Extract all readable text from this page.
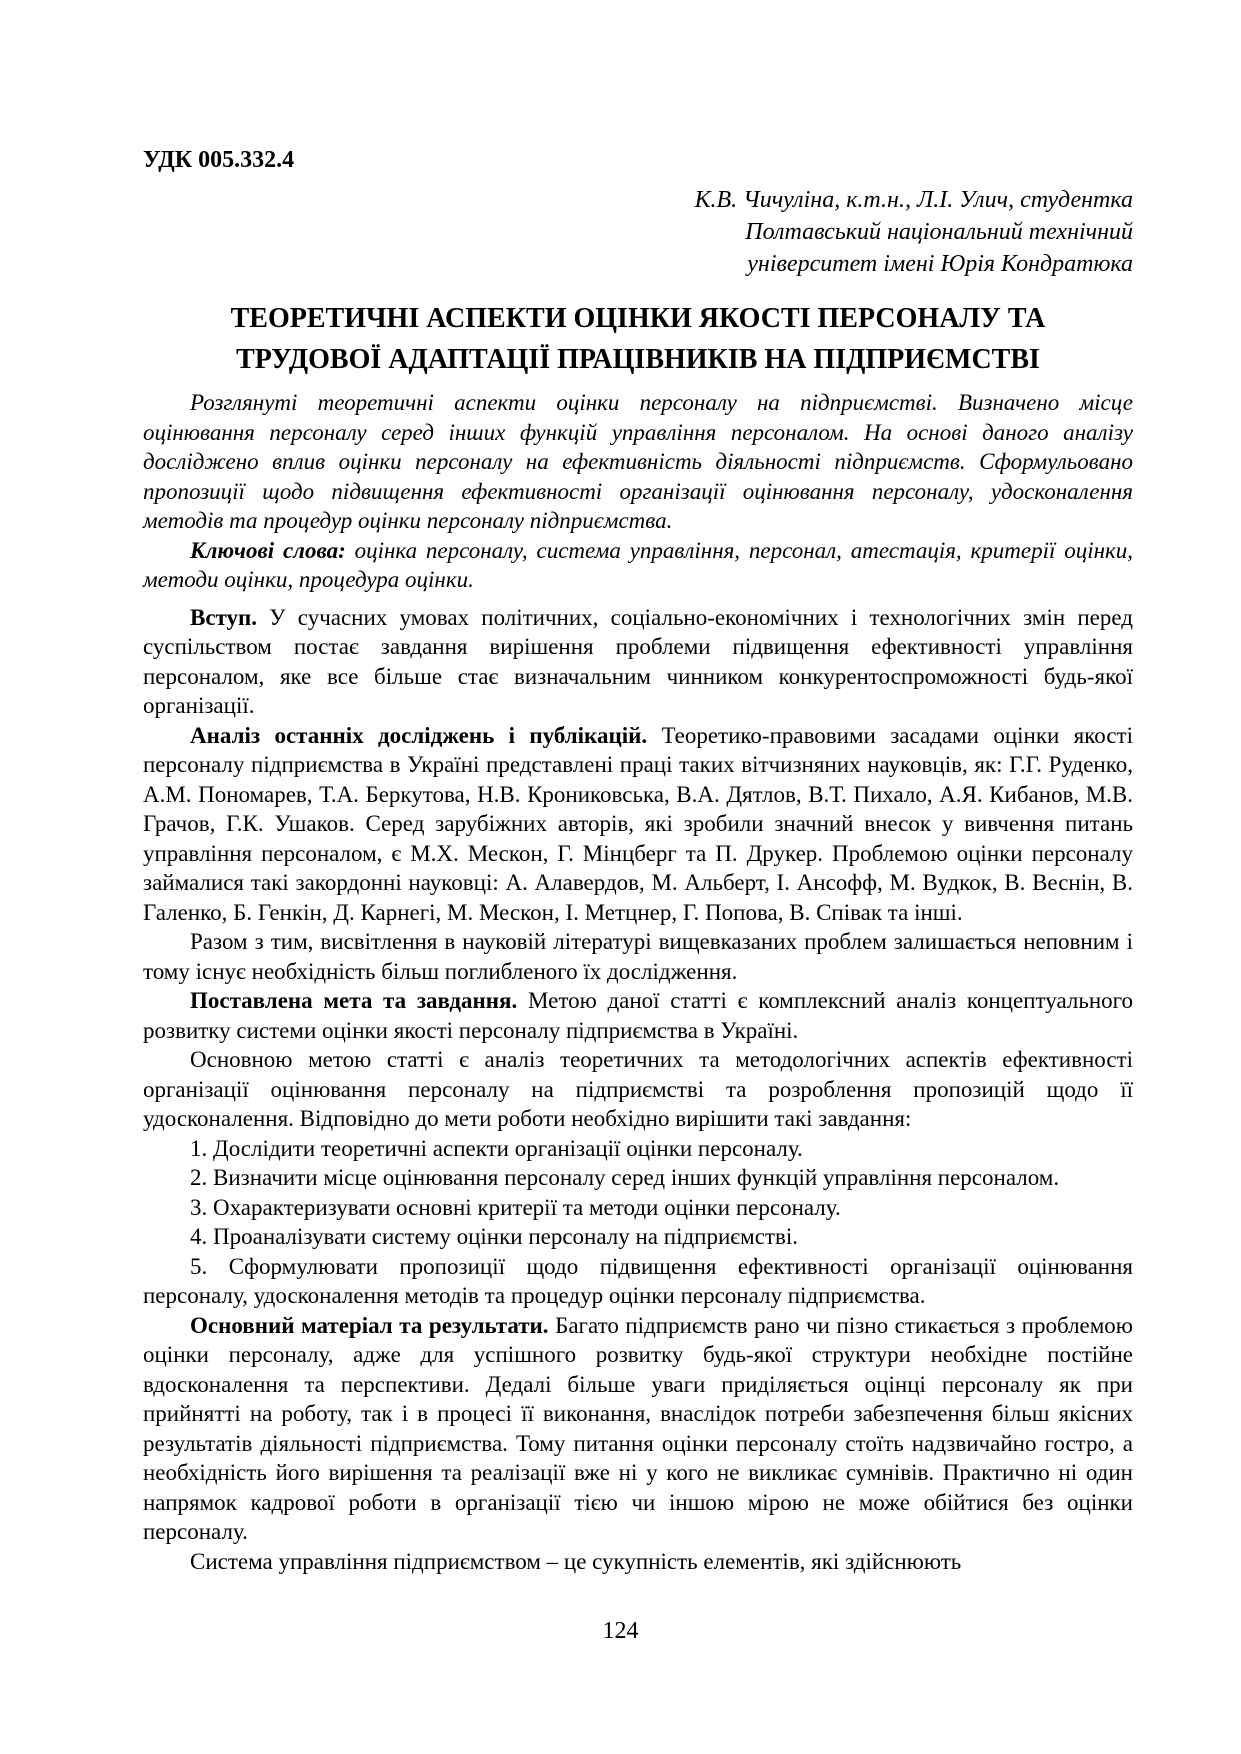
УДК 005.332.4
К.В. Чичуліна, к.т.н., Л.І. Улич, студентка
Полтавський національний технічний
університет імені Юрія Кондратюка
ТЕОРЕТИЧНІ АСПЕКТИ ОЦІНКИ ЯКОСТІ ПЕРСОНАЛУ ТА
ТРУДОВОЇ АДАПТАЦІЇ ПРАЦІВНИКІВ НА ПІДПРИЄМСТВІ

Розглянуті теоретичні аспекти оцінки персоналу на підприємстві. Визначено місце оцінювання персоналу серед інших функцій управління персоналом. На основі даного аналізу досліджено вплив оцінки персоналу на ефективність діяльності підприємств. Сформульовано пропозиції щодо підвищення ефективності організації оцінювання персоналу, удосконалення методів та процедур оцінки персоналу підприємства.

Ключові слова: оцінка персоналу, система управління, персонал, атестація, критерії оцінки, методи оцінки, процедура оцінки.

Вступ. У сучасних умовах політичних, соціально-економічних і технологічних змін перед суспільством постає завдання вирішення проблеми підвищення ефективності управління персоналом, яке все більше стає визначальним чинником конкурентоспроможності будь-якої організації.

Аналіз останніх досліджень і публікацій. Теоретико-правовими засадами оцінки якості персоналу підприємства в Україні представлені праці таких вітчизняних науковців, як: Г.Г. Руденко, А.М. Пономарев, Т.А. Беркутова, Н.В. Крониковська, В.А. Дятлов, В.Т. Пихало, А.Я. Кибанов, М.В. Грачов, Г.К. Ушаков. Серед зарубіжних авторів, які зробили значний внесок у вивчення питань управління персоналом, є М.Х. Мескон, Г. Мінцберг та П. Друкер. Проблемою оцінки персоналу займалися такі закордонні науковці: А. Алавердов, М. Альберт, І. Ансофф, М. Вудкок, В. Веснін, В. Галенко, Б. Генкін, Д. Карнегі, М. Мескон, І. Метцнер, Г. Попова, В. Співак та інші.

Разом з тим, висвітлення в науковій літературі вищевказаних проблем залишається неповним і тому існує необхідність більш поглибленого їх дослідження.

Поставлена мета та завдання. Метою даної статті є комплексний аналіз концептуального розвитку системи оцінки якості персоналу підприємства в Україні.

Основною метою статті є аналіз теоретичних та методологічних аспектів ефективності організації оцінювання персоналу на підприємстві та розроблення пропозицій щодо її удосконалення. Відповідно до мети роботи необхідно вирішити такі завдання:

1. Дослідити теоретичні аспекти організації оцінки персоналу.

2. Визначити місце оцінювання персоналу серед інших функцій управління персоналом.

3. Охарактеризувати основні критерії та методи оцінки персоналу.

4. Проаналізувати систему оцінки персоналу на підприємстві.

5. Сформулювати пропозиції щодо підвищення ефективності організації оцінювання персоналу, удосконалення методів та процедур оцінки персоналу підприємства.

Основний матеріал та результати. Багато підприємств рано чи пізно стикається з проблемою оцінки персоналу, адже для успішного розвитку будь-якої структури необхідне постійне вдосконалення та перспективи. Дедалі більше уваги приділяється оцінці персоналу як при прийнятті на роботу, так і в процесі її виконання, внаслідок потреби забезпечення більш якісних результатів діяльності підприємства. Тому питання оцінки персоналу стоїть надзвичайно гостро, а необхідність його вирішення та реалізації вже ні у кого не викликає сумнівів. Практично ні один напрямок кадрової роботи в організації тією чи іншою мірою не може обійтися без оцінки персоналу.

Система управління підприємством – це сукупність елементів, які здійснюють

124
